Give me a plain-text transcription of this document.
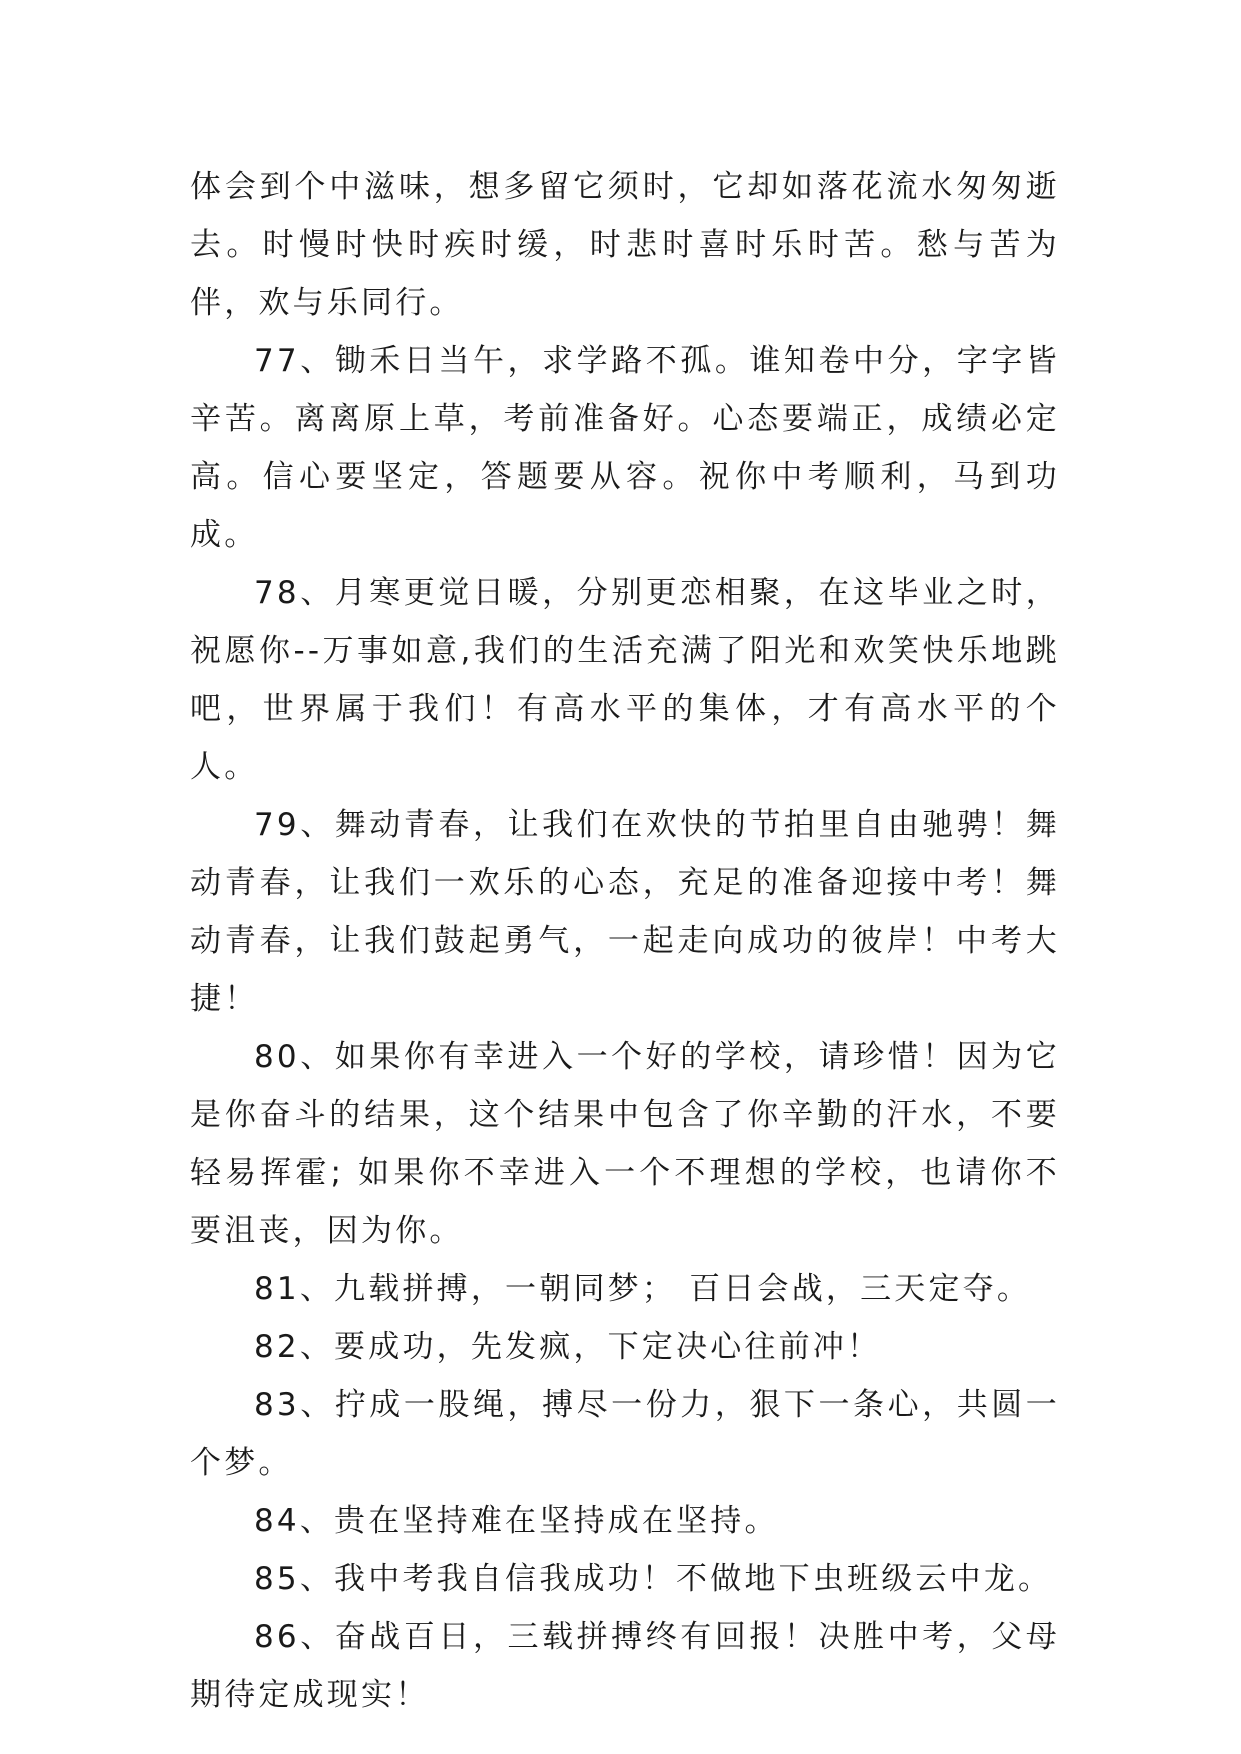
体会到个中滋味，想多留它须时，它却如落花流水匆匆逝去。时慢时快时疾时缓，时悲时喜时乐时苦。愁与苦为伴，欢与乐同行。

77、锄禾日当午，求学路不孤。谁知卷中分，字字皆辛苦。离离原上草，考前准备好。心态要端正，成绩必定高。信心要坚定，答题要从容。祝你中考顺利，马到功成。

78、月寒更觉日暖，分别更恋相聚，在这毕业之时，祝愿你--万事如意,我们的生活充满了阳光和欢笑快乐地跳吧，世界属于我们！有高水平的集体，才有高水平的个人。

79、舞动青春，让我们在欢快的节拍里自由驰骋！舞动青春，让我们一欢乐的心态，充足的准备迎接中考！舞动青春，让我们鼓起勇气，一起走向成功的彼岸！中考大捷！

80、如果你有幸进入一个好的学校，请珍惜！因为它是你奋斗的结果，这个结果中包含了你辛勤的汗水，不要轻易挥霍; 如果你不幸进入一个不理想的学校，也请你不要沮丧，因为你。

81、九载拼搏，一朝同梦； 百日会战，三天定夺。

82、要成功，先发疯，下定决心往前冲！

83、拧成一股绳，搏尽一份力，狠下一条心，共圆一个梦。

84、贵在坚持难在坚持成在坚持。

85、我中考我自信我成功！不做地下虫班级云中龙。

86、奋战百日，三载拼搏终有回报！决胜中考，父母期待定成现实！
